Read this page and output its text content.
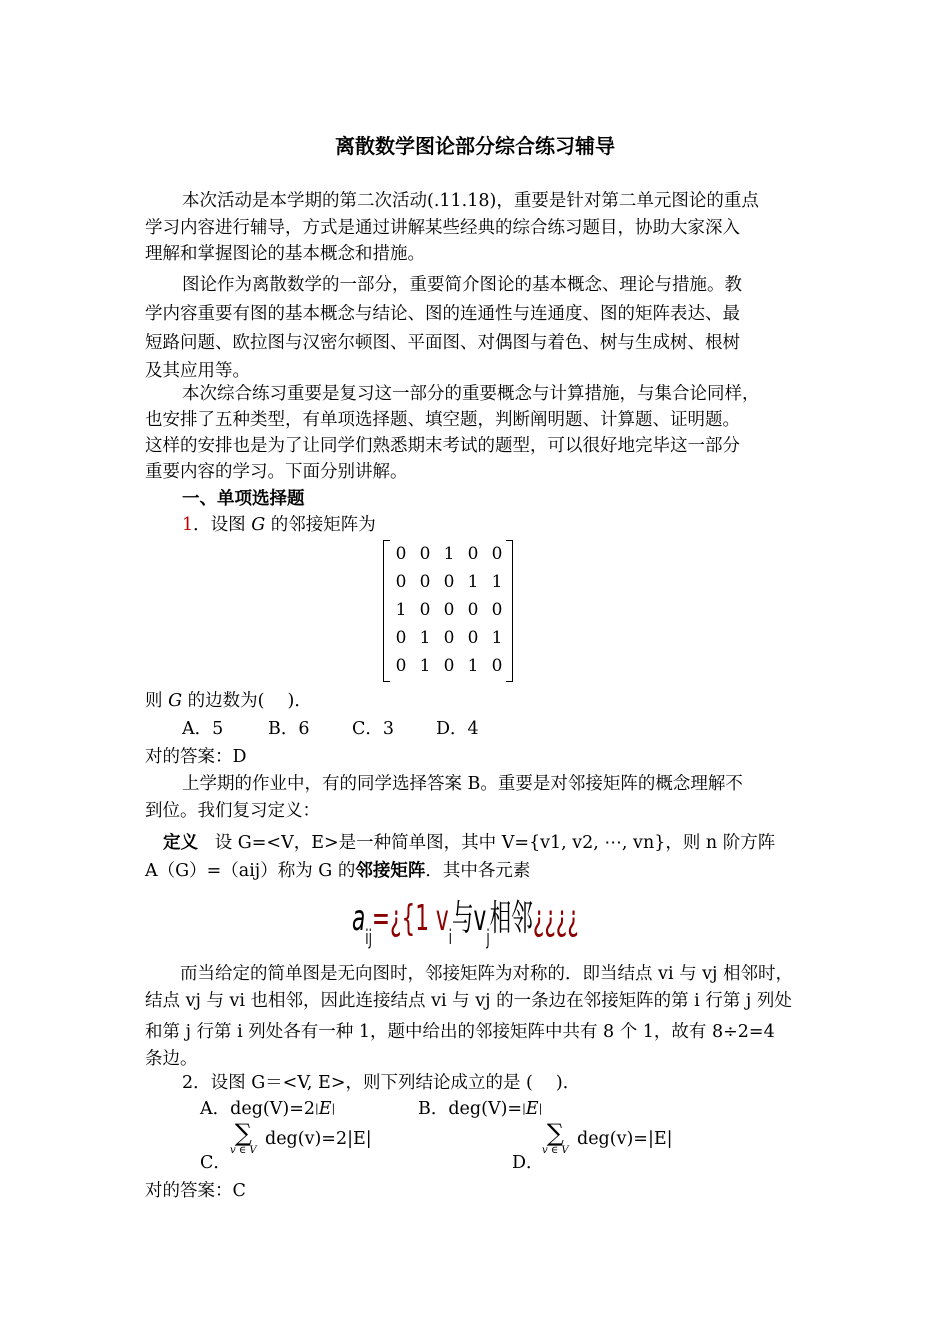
离散数学图论部分综合练习辅导
本次活动是本学期的第二次活动(.11.18)，重要是针对第二单元图论的重点
学习内容进行辅导，方式是通过讲解某些经典的综合练习题目，协助大家深入
理解和掌握图论的基本概念和措施。
图论作为离散数学的一部分，重要简介图论的基本概念、理论与措施。教
学内容重要有图的基本概念与结论、图的连通性与连通度、图的矩阵表达、最
短路问题、欧拉图与汉密尔顿图、平面图、对偶图与着色、树与生成树、根树
及其应用等。
本次综合练习重要是复习这一部分的重要概念与计算措施，与集合论同样，
也安排了五种类型，有单项选择题、填空题，判断阐明题、计算题、证明题。
这样的安排也是为了让同学们熟悉期末考试的题型，可以很好地完毕这一部分
重要内容的学习。下面分别讲解。
一、单项选择题
1．设图 G 的邻接矩阵为
0	0	1	0	0
0	0	0	1	1
1	0	0	0	0
0	1	0	0	1
0	1	0	1	0
则 G 的边数为(　 )．
A．5	B．6 C．3 D．4
对的答案：D
上学期的作业中，有的同学选择答案 B。重要是对邻接矩阵的概念理解不
到位。我们复习定义：
定义 设 G=<V，E>是一种简单图，其中 V={v1, v2, ⋯, vn}，则 n 阶方阵
A（G）=（aij）称为 G 的邻接矩阵．其中各元素
$a_{ij}=¿\{1$ $v_i$与$v_j$相邻¿¿¿¿
而当给定的简单图是无向图时，邻接矩阵为对称的．即当结点 vi 与 vj 相邻时，
结点 vj 与 vi 也相邻，因此连接结点 vi 与 vj 的一条边在邻接矩阵的第 i 行第 j 列处
和第 j 行第 i 列处各有一种 1，题中给出的邻接矩阵中共有 8 个 1，故有 8÷2=4
条边。
2．设图 G＝<V, E>，则下列结论成立的是 (　 )．
A．deg(V)=2|E|	B．deg(V)=|E|
∑
v ∈ V
deg(v)=2|E|
C．
∑
v ∈ V
deg(v)=|E|
D．
对的答案：C
